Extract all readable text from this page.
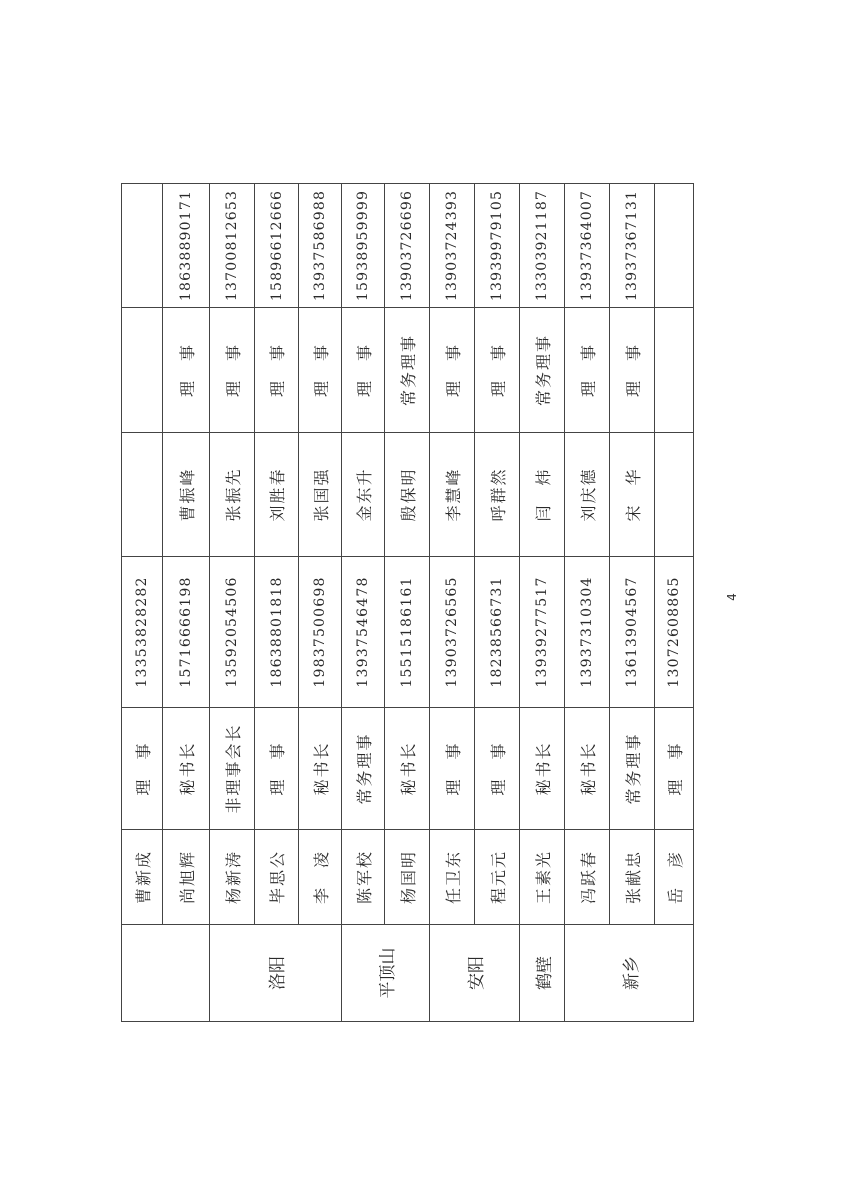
	曹新成	理　事	13353828282			
	尚旭辉	秘书长	15716666198	曹振峰	理　事	18638890171
洛阳	杨新涛	非理事会长	13592054506	张振先	理　事	13700812653
	毕思公	理　事	18638801818	刘胜春	理　事	15896612666
	李　凌	秘书长	19837500698	张国强	理　事	13937586988
平顶山	陈军校	常务理事	13937546478	金东升	理　事	15938959999
	杨国明	秘书长	15515186161	殷保明	常务理事	13903726696
安阳	任卫东	理　事	13903726565	李慧峰	理　事	13903724393
	程元元	理　事	18238566731	呼群然	理　事	13939979105
鹤壁	王素光	秘书长	13939277517	闫　炜	常务理事	13303921187
新乡	冯跃春	秘书长	13937310304	刘庆德	理　事	13937364007
	张献忠	常务理事	13613904567	宋　华	理　事	13937367131
	岳　彦	理　事	13072608865				4
